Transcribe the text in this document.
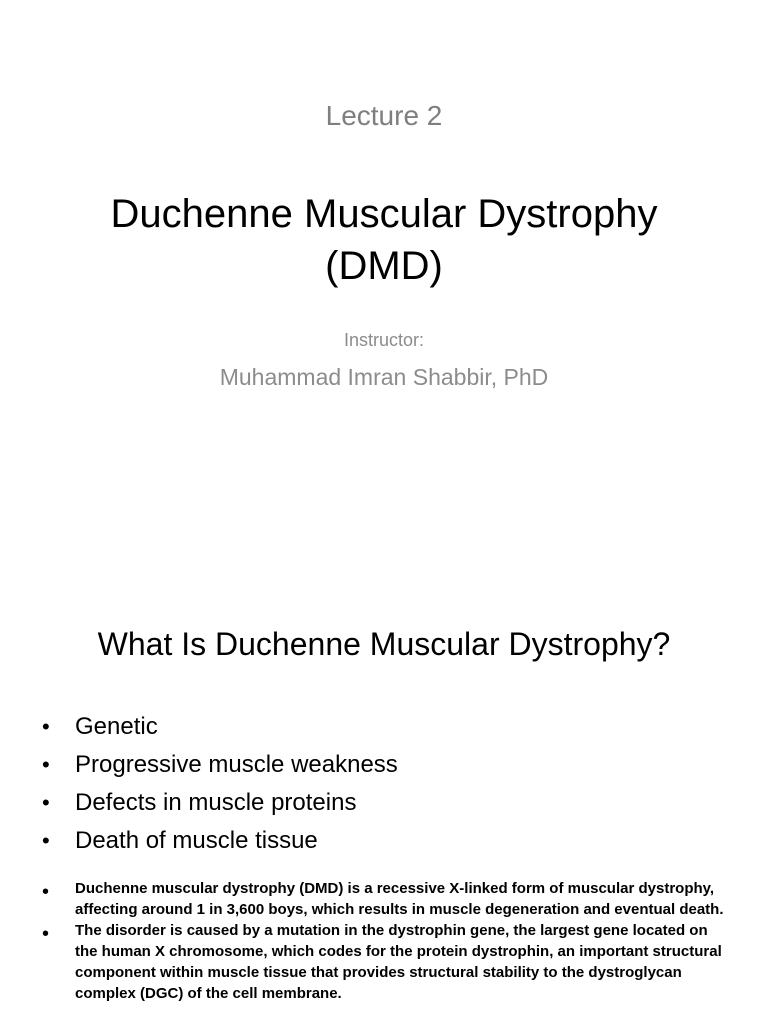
Lecture 2
Duchenne Muscular Dystrophy
(DMD)
Instructor:
Muhammad Imran Shabbir, PhD
What Is Duchenne Muscular Dystrophy?
• Genetic
• Progressive muscle weakness
• Defects in muscle proteins
• Death of muscle tissue
• Duchenne muscular dystrophy (DMD) is a recessive X-linked form of muscular dystrophy, affecting around 1 in 3,600 boys, which results in muscle degeneration and eventual death.
• The disorder is caused by a mutation in the dystrophin gene, the largest gene located on the human X chromosome, which codes for the protein dystrophin, an important structural component within muscle tissue that provides structural stability to the dystroglycan complex (DGC) of the cell membrane.
